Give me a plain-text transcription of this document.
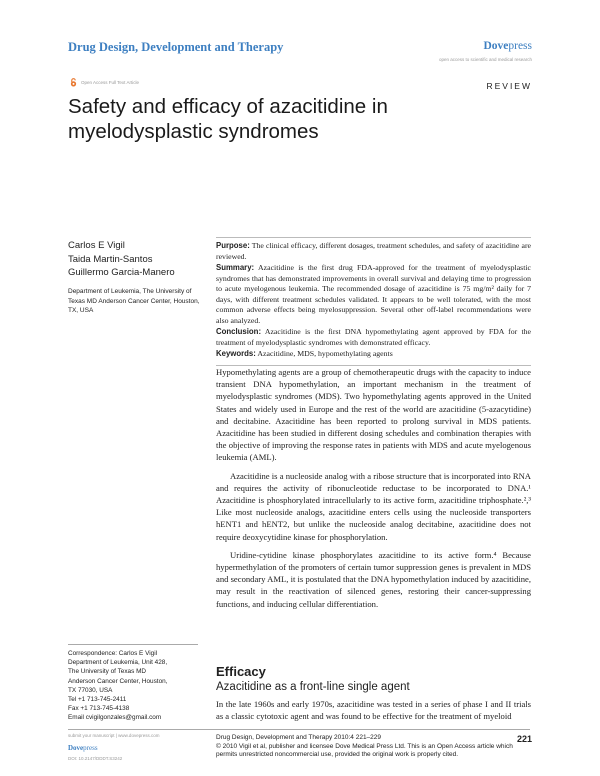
Drug Design, Development and Therapy	Dovepress
open access to scientific and medical research
Open Access Full Text Article	REVIEW
Safety and efficacy of azacitidine in myelodysplastic syndromes
Carlos E Vigil
Taida Martin-Santos
Guillermo Garcia-Manero
Department of Leukemia, The University of Texas MD Anderson Cancer Center, Houston, TX, USA

Purpose: The clinical efficacy, different dosages, treatment schedules, and safety of azacitidine are reviewed.

Summary: Azacitidine is the first drug FDA-approved for the treatment of myelodysplastic syndromes that has demonstrated improvements in overall survival and delaying time to progression to acute myelogenous leukemia. The recommended dosage of azacitidine is 75 mg/m² daily for 7 days, with different treatment schedules validated. It appears to be well tolerated, with the most common adverse effects being myelosuppression. Several other off-label recommendations were also analyzed.

Conclusion: Azacitidine is the first DNA hypomethylating agent approved by FDA for the treatment of myelodysplastic syndromes with demonstrated efficacy.

Keywords: Azacitidine, MDS, hypomethylating agents

Hypomethylating agents are a group of chemotherapeutic drugs with the capacity to induce transient DNA hypomethylation, an important mechanism in the treatment of myelodysplastic syndromes (MDS). Two hypomethylating agents approved in the United States and widely used in Europe and the rest of the world are azacitidine (5-azacytidine) and decitabine. Azacitidine has been reported to prolong survival in MDS patients. Azacitidine has been studied in different dosing schedules and combination therapies with the objective of improving the response rates in patients with MDS and acute myelogenous leukemia (AML).

Azacitidine is a nucleoside analog with a ribose structure that is incorporated into RNA and requires the activity of ribonucleotide reductase to be incorporated to DNA.¹ Azacitidine is phosphorylated intracellularly to its active form, azacitidine triphosphate.²,³ Like most nucleoside analogs, azacitidine enters cells using the nucleoside transporters hENT1 and hENT2, but unlike the nucleoside analog decitabine, azacitidine does not require deoxycytidine kinase for phosphorylation.

Uridine-cytidine kinase phosphorylates azacitidine to its active form.⁴ Because hypermethylation of the promoters of certain tumor suppression genes is prevalent in MDS and secondary AML, it is postulated that the DNA hypomethylation induced by azacitidine, may result in the reactivation of silenced genes, restoring their cancer-suppressing functions, and inducing cellular differentiation.

Correspondence: Carlos E Vigil
Department of Leukemia, Unit 428,
The University of Texas MD
Anderson Cancer Center, Houston,
TX 77030, USA
Tel +1 713-745-2411
Fax +1 713-745-4138
Email cvigilgonzales@gmail.com
Efficacy
Azacitidine as a front-line single agent
In the late 1960s and early 1970s, azacitidine was tested in a series of phase I and II trials as a classic cytotoxic agent and was found to be effective for the treatment of myeloid
submit your manuscript | www.dovepress.com
Dovepress
DOI: 10.2147/DDDT.S3242
Drug Design, Development and Therapy 2010:4 221–229
© 2010 Vigil et al, publisher and licensee Dove Medical Press Ltd. This is an Open Access article which permits unrestricted noncommercial use, provided the original work is properly cited.
221
